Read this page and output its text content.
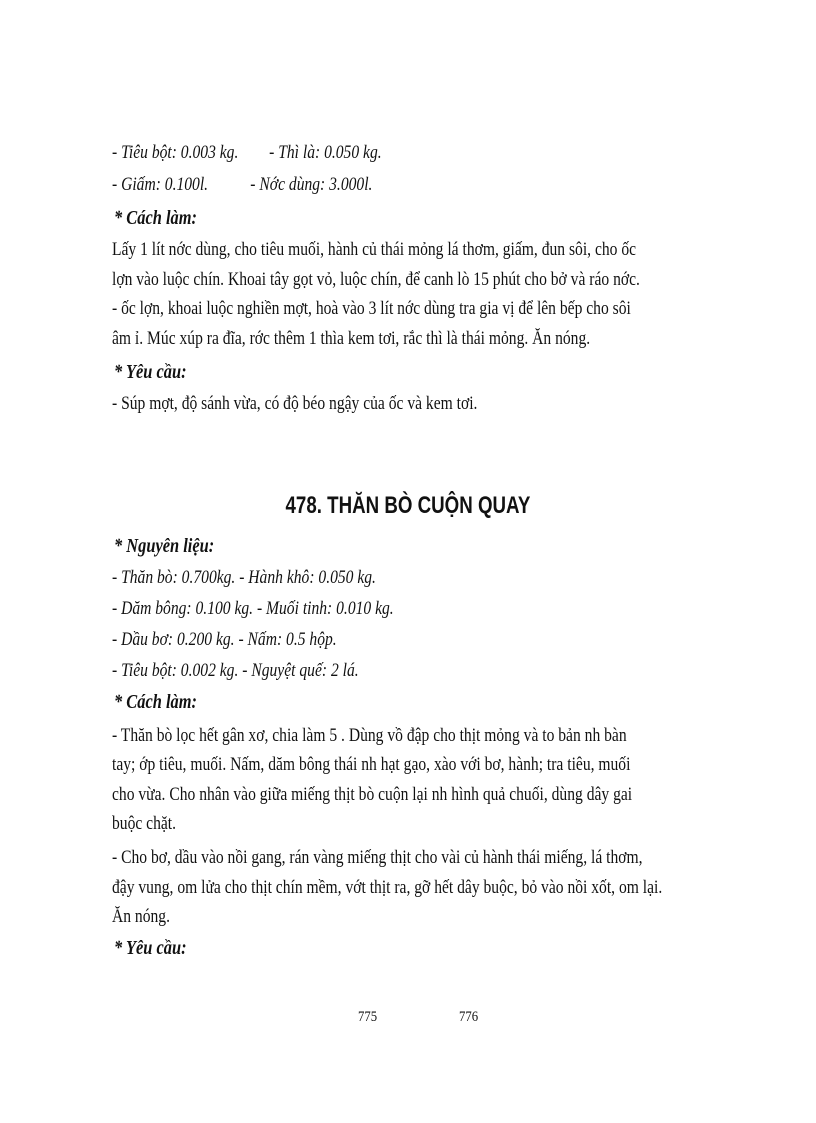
- Tiêu bột: 0.003 kg. - Thì là: 0.050 kg.
- Giấm: 0.100l. - Nớc dùng: 3.000l.
* Cách làm:
Lấy 1 lít nớc dùng, cho tiêu muối, hành củ thái mỏng lá thơm, giấm, đun sôi, cho ốc
lợn vào luộc chín. Khoai tây gọt vỏ, luộc chín, để canh lò 15 phút cho bở và ráo nớc.
- ốc lợn, khoai luộc nghiền mợt, hoà vào 3 lít nớc dùng tra gia vị để lên bếp cho sôi
âm ỉ. Múc xúp ra đĩa, rớc thêm 1 thìa kem tơi, rắc thì là thái mỏng. Ăn nóng.
* Yêu cầu:
- Súp mợt, độ sánh vừa, có độ béo ngậy của ốc và kem tơi.
478. THĂN BÒ CUỘN QUAY
* Nguyên liệu:
- Thăn bò: 0.700kg. - Hành khô: 0.050 kg.
- Dăm bông: 0.100 kg. - Muối tinh: 0.010 kg.
- Dầu bơ: 0.200 kg. - Nấm: 0.5 hộp.
- Tiêu bột: 0.002 kg. - Nguyệt quế: 2 lá.
* Cách làm:
- Thăn bò lọc hết gân xơ, chia làm 5 . Dùng vồ đập cho thịt mỏng và to bản nh bàn
tay; ớp tiêu, muối. Nấm, dăm bông thái nh hạt gạo, xào với bơ, hành; tra tiêu, muối
cho vừa. Cho nhân vào giữa miếng thịt bò cuộn lại nh hình quả chuối, dùng dây gai
buộc chặt.
- Cho bơ, dầu vào nồi gang, rán vàng miếng thịt cho vài củ hành thái miếng, lá thơm,
đậy vung, om lửa cho thịt chín mềm, vớt thịt ra, gỡ hết dây buộc, bỏ vào nồi xốt, om lại.
Ăn nóng.
* Yêu cầu:
775	776
